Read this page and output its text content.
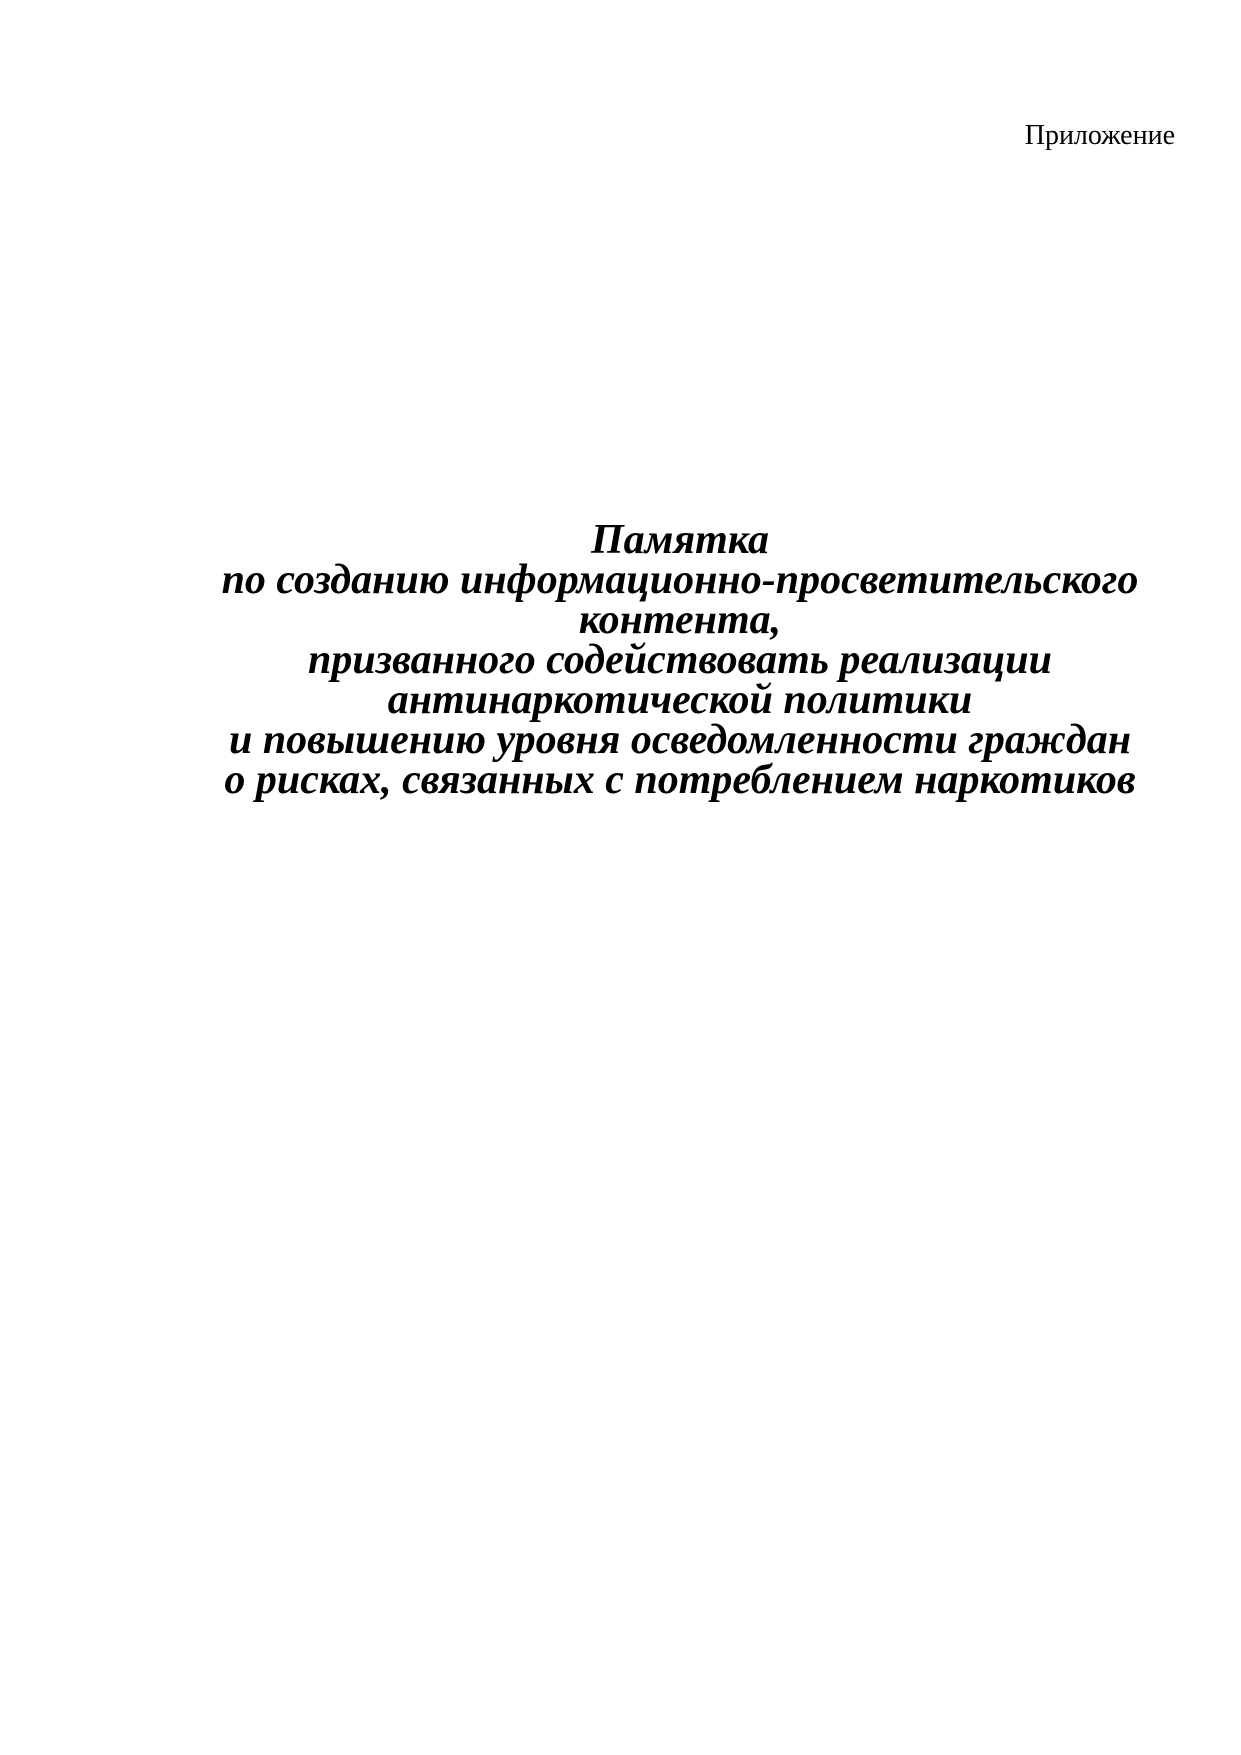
Приложение
Памятка
по созданию информационно-просветительского
контента,
призванного содействовать реализации
антинаркотической политики
и повышению уровня осведомленности граждан
о рисках, связанных с потреблением наркотиков
